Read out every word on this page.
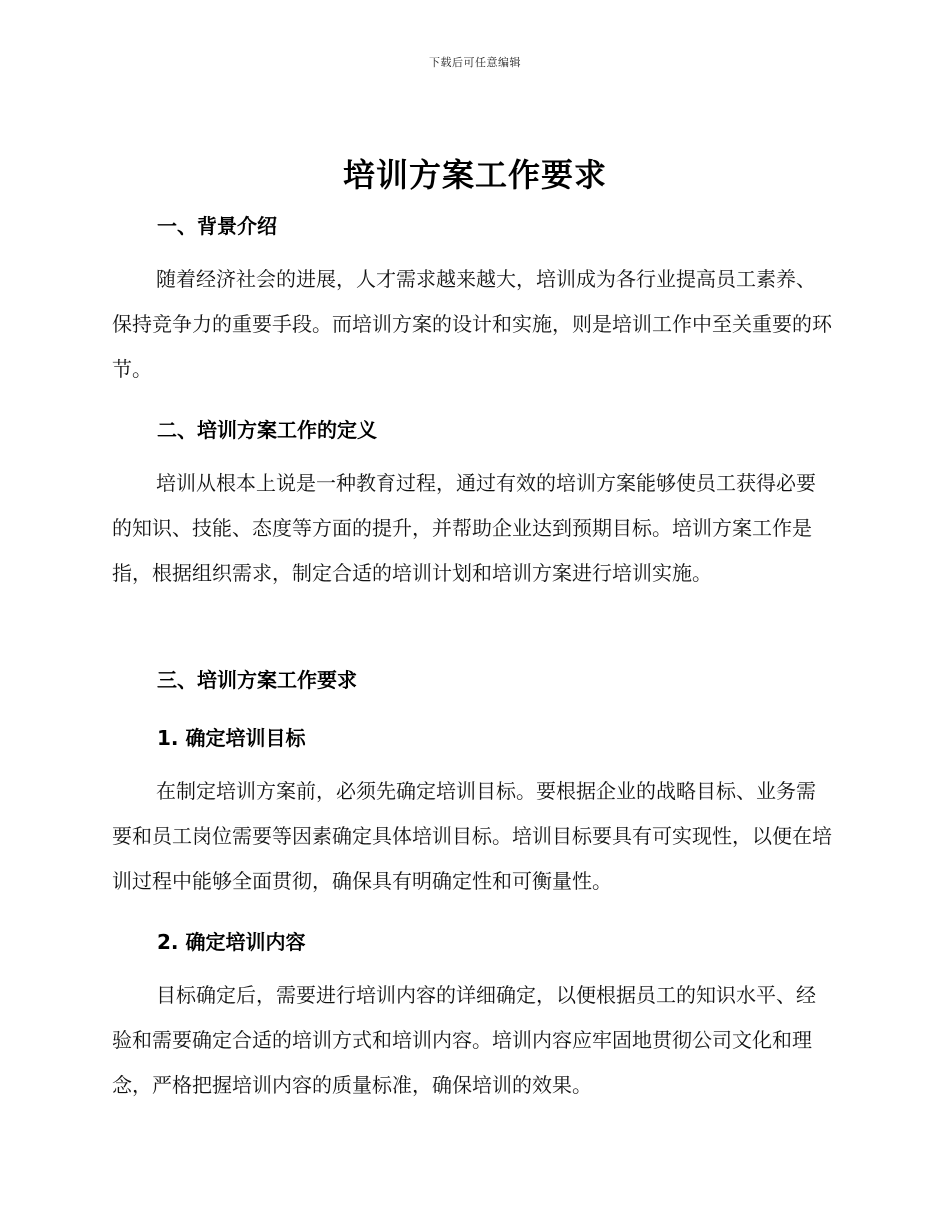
下载后可任意编辑
培训方案工作要求
一、背景介绍

随着经济社会的进展，人才需求越来越大，培训成为各行业提高员工素养、保持竞争力的重要手段。而培训方案的设计和实施，则是培训工作中至关重要的环节。

二、培训方案工作的定义

培训从根本上说是一种教育过程，通过有效的培训方案能够使员工获得必要的知识、技能、态度等方面的提升，并帮助企业达到预期目标。培训方案工作是指，根据组织需求，制定合适的培训计划和培训方案进行培训实施。

三、培训方案工作要求
1. 确定培训目标

在制定培训方案前，必须先确定培训目标。要根据企业的战略目标、业务需要和员工岗位需要等因素确定具体培训目标。培训目标要具有可实现性，以便在培训过程中能够全面贯彻，确保具有明确定性和可衡量性。

2. 确定培训内容

目标确定后，需要进行培训内容的详细确定，以便根据员工的知识水平、经验和需要确定合适的培训方式和培训内容。培训内容应牢固地贯彻公司文化和理念，严格把握培训内容的质量标准，确保培训的效果。
